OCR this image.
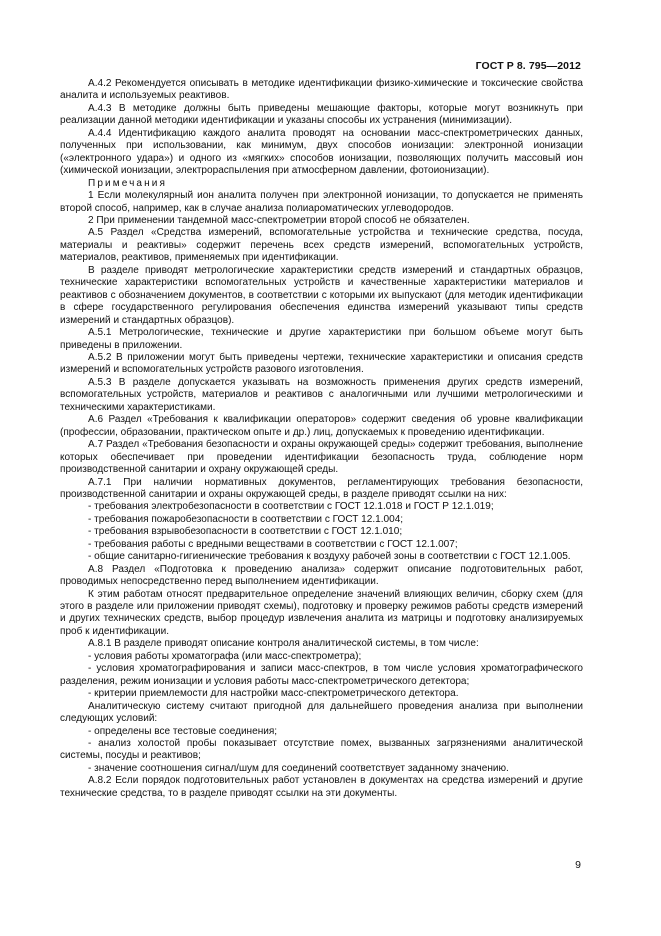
ГОСТ Р 8. 795—2012

А.4.2 Рекомендуется описывать в методике идентификации физико-химические и токсические свойства аналита и используемых реактивов.

А.4.3 В методике должны быть приведены мешающие факторы, которые могут возникнуть при реализации данной методики идентификации и указаны способы их устранения (минимизации).

А.4.4 Идентификацию каждого аналита проводят на основании масс-спектрометрических данных, полученных при использовании, как минимум, двух способов ионизации: электронной ионизации («электронного удара») и одного из «мягких» способов ионизации, позволяющих получить массовый ион (химической ионизации, электрораспыления при атмосферном давлении, фотоионизации).

Примечания

1 Если молекулярный ион аналита получен при электронной ионизации, то допускается не применять второй способ, например, как в случае анализа полиароматических углеводородов.

2 При применении тандемной масс-спектрометрии второй способ не обязателен.

А.5 Раздел «Средства измерений, вспомогательные устройства и технические средства, посуда, материалы и реактивы» содержит перечень всех средств измерений, вспомогательных устройств, материалов, реактивов, применяемых при идентификации.

В разделе приводят метрологические характеристики средств измерений и стандартных образцов, технические характеристики вспомогательных устройств и качественные характеристики материалов и реактивов с обозначением документов, в соответствии с которыми их выпускают (для методик идентификации в сфере государственного регулирования обеспечения единства измерений указывают типы средств измерений и стандартных образцов).

А.5.1 Метрологические, технические и другие характеристики при большом объеме могут быть приведены в приложении.

А.5.2 В приложении могут быть приведены чертежи, технические характеристики и описания средств измерений и вспомогательных устройств разового изготовления.

А.5.3 В разделе допускается указывать на возможность применения других средств измерений, вспомогательных устройств, материалов и реактивов с аналогичными или лучшими метрологическими и техническими характеристиками.

А.6 Раздел «Требования к квалификации операторов» содержит сведения об уровне квалификации (профессии, образовании, практическом опыте и др.) лиц, допускаемых к проведению идентификации.

А.7 Раздел «Требования безопасности и охраны окружающей среды» содержит требования, выполнение которых обеспечивает при проведении идентификации безопасность труда, соблюдение норм производственной санитарии и охрану окружающей среды.

А.7.1 При наличии нормативных документов, регламентирующих требования безопасности, производственной санитарии и охраны окружающей среды, в разделе приводят ссылки на них:

- требования электробезопасности в соответствии с ГОСТ 12.1.018 и ГОСТ Р 12.1.019;

- требования пожаробезопасности в соответствии с ГОСТ 12.1.004;

- требования взрывобезопасности в соответствии с ГОСТ 12.1.010;

- требования работы с вредными веществами в соответствии с ГОСТ 12.1.007;

- общие санитарно-гигиенические требования к воздуху рабочей зоны в соответствии с ГОСТ 12.1.005.

А.8 Раздел «Подготовка к проведению анализа» содержит описание подготовительных работ, проводимых непосредственно перед выполнением идентификации.

К этим работам относят предварительное определение значений влияющих величин, сборку схем (для этого в разделе или приложении приводят схемы), подготовку и проверку режимов работы средств измерений и других технических средств, выбор процедур извлечения аналита из матрицы и подготовку анализируемых проб к идентификации.

А.8.1 В разделе приводят описание контроля аналитической системы, в том числе:

- условия работы хроматографа (или масс-спектрометра);

- условия хроматографирования и записи масс-спектров, в том числе условия хроматографического разделения, режим ионизации и условия работы масс-спектрометрического детектора;

- критерии приемлемости для настройки масс-спектрометрического детектора.

Аналитическую систему считают пригодной для дальнейшего проведения анализа при выполнении следующих условий:

- определены все тестовые соединения;

- анализ холостой пробы показывает отсутствие помех, вызванных загрязнениями аналитической системы, посуды и реактивов;

- значение соотношения сигнал/шум для соединений соответствует заданному значению.

А.8.2 Если порядок подготовительных работ установлен в документах на средства измерений и другие технические средства, то в разделе приводят ссылки на эти документы.

9
